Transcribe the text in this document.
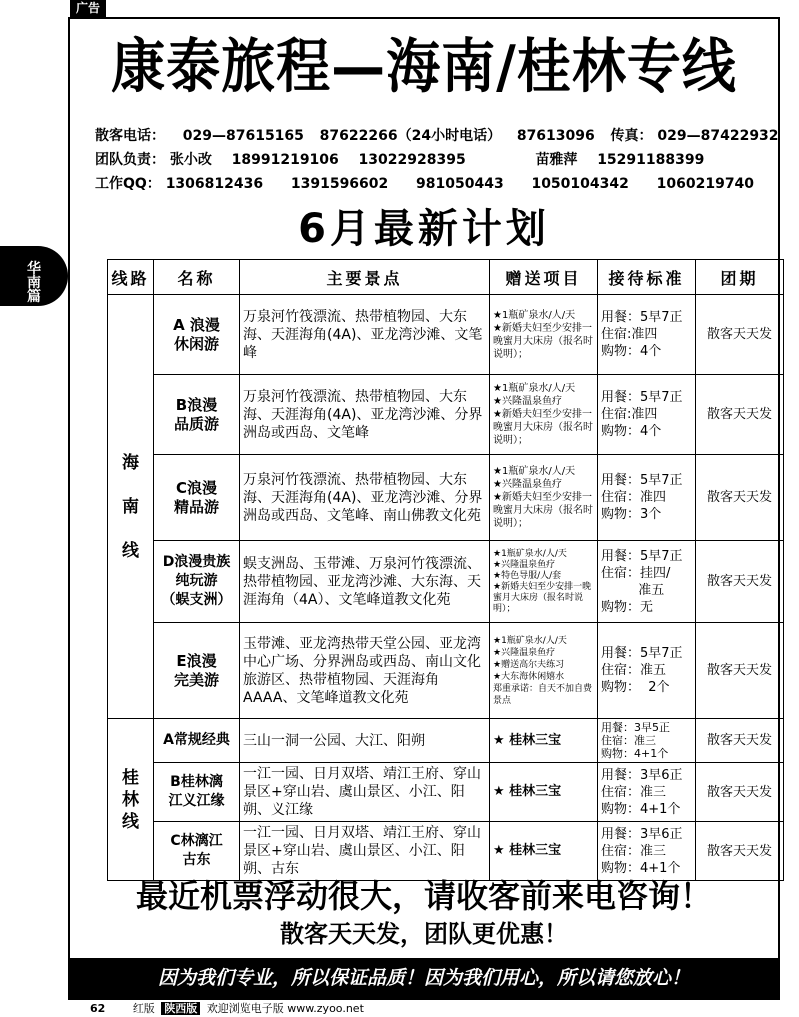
广告
康泰旅程—海南/桂林专线
散客电话： 029—87615165 87622266（24小时电话） 87613096 传真： 029—87422932
团队负责： 张小改 18991219106 13022928395	苗雅萍 15291188399
工作QQ： 1306812436 1391596602 981050443 1050104342 1060219740
6月最新计划
华南篇
线路	名称	主要景点	赠送项目	接待标准	团期
海

南

线	A 浪漫
休闲游	万泉河竹筏漂流、热带植物园、大东海、天涯海角(4A)、亚龙湾沙滩、文笔峰	★1瓶矿泉水/人/天
★新婚夫妇至少安排一晚蜜月大床房（报名时说明）；	用餐：5早7正
住宿:准四
购物：4个	散客天天发
	B浪漫
品质游	万泉河竹筏漂流、热带植物园、大东海、天涯海角(4A)、亚龙湾沙滩、分界洲岛或西岛、文笔峰	★1瓶矿泉水/人/天
★兴隆温泉鱼疗
★新婚夫妇至少安排一晚蜜月大床房（报名时说明）；	用餐：5早7正
住宿:准四
购物：4个	散客天天发
	C浪漫
精品游	万泉河竹筏漂流、热带植物园、大东海、天涯海角(4A)、亚龙湾沙滩、分界洲岛或西岛、文笔峰、南山佛教文化苑	★1瓶矿泉水/人/天
★兴隆温泉鱼疗
★新婚夫妇至少安排一晚蜜月大床房（报名时说明）；	用餐：5早7正
住宿：准四
购物：3个	散客天天发
	D浪漫贵族
纯玩游
（蜈支洲）	蜈支洲岛、玉带滩、万泉河竹筏漂流、热带植物园、亚龙湾沙滩、大东海、天涯海角（4A）、文笔峰道教文化苑	★1瓶矿泉水/人/天
★兴隆温泉鱼疗
★特色导服/人/套
★新婚夫妇至少安排一晚蜜月大床房（报名时说明）；	用餐：5早7正
住宿：挂四/
准五
购物：无	散客天天发
	E浪漫
完美游	玉带滩、亚龙湾热带天堂公园、亚龙湾中心广场、分界洲岛或西岛、南山文化旅游区、热带植物园、天涯海角AAAA、文笔峰道教文化苑	★1瓶矿泉水/人/天
★兴隆温泉鱼疗
★赠送高尔夫练习
★大东海休闲嬉水
郑重承诺：自天不加自费景点	用餐：5早7正
住宿：准五
购物：  2个	散客天天发
桂
林
线	A常规经典	三山一洞一公园、大江、阳朔	★ 桂林三宝	用餐：3早5正
住宿：准三
购物：4+1个	散客天天发
	B桂林漓
江义江缘	一江一园、日月双塔、靖江王府、穿山景区+穿山岩、虞山景区、小江、阳朔、义江缘	★ 桂林三宝	用餐：3早6正
住宿：准三
购物：4+1个	散客天天发
	C林漓江
古东	一江一园、日月双塔、靖江王府、穿山景区+穿山岩、虞山景区、小江、阳朔、古东	★ 桂林三宝	用餐：3早6正
住宿：准三
购物：4+1个	散客天天发
最近机票浮动很大，请收客前来电咨询！
散客天天发，团队更优惠！
因为我们专业，所以保证品质！因为我们用心，所以请您放心！
62	红版 陕西版 欢迎浏览电子版 www.zyoo.net
